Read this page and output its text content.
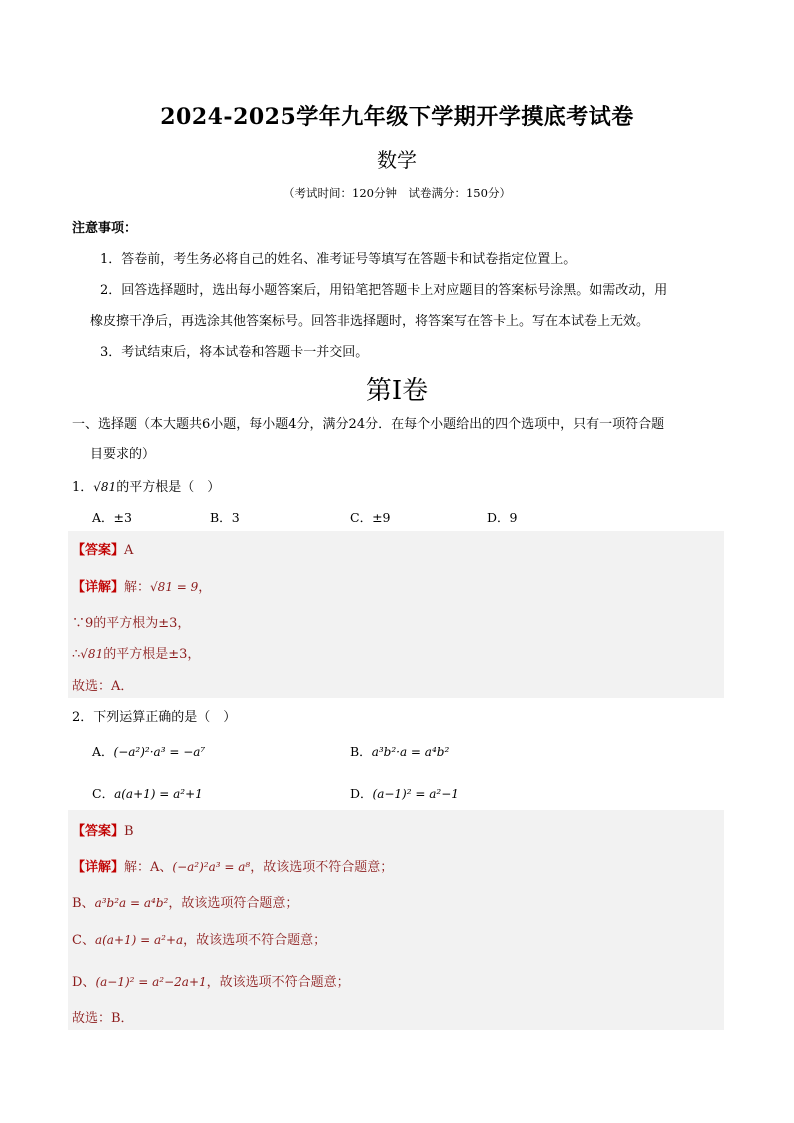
2024-2025学年九年级下学期开学摸底考试卷
数学
（考试时间：120分钟　试卷满分：150分）
注意事项：
1．答卷前，考生务必将自己的姓名、准考证号等填写在答题卡和试卷指定位置上。
2．回答选择题时，选出每小题答案后，用铅笔把答题卡上对应题目的答案标号涂黑。如需改动，用
橡皮擦干净后，再选涂其他答案标号。回答非选择题时，将答案写在答卡上。写在本试卷上无效。
3．考试结束后，将本试卷和答题卡一并交回。
第Ⅰ卷
一、选择题（本大题共6小题，每小题4分，满分24分．在每个小题给出的四个选项中，只有一项符合题
目要求的）
1．√81的平方根是（　）
A．±3	B．3	C．±9	D．9
【答案】A
【详解】解：√81 = 9，
∵9的平方根为±3，
∴√81的平方根是±3，
故选：A．
2．下列运算正确的是（　）
A．(−a²)²·a³ = −a⁷	B．a³b²·a = a⁴b²
C．a(a+1) = a²+1	D．(a−1)² = a²−1
【答案】B
【详解】解：A、(−a²)²a³ = a⁸，故该选项不符合题意；
B、a³b²a = a⁴b²，故该选项符合题意；
C、a(a+1) = a²+a，故该选项不符合题意；
D、(a−1)² = a²−2a+1，故该选项不符合题意；
故选：B．
